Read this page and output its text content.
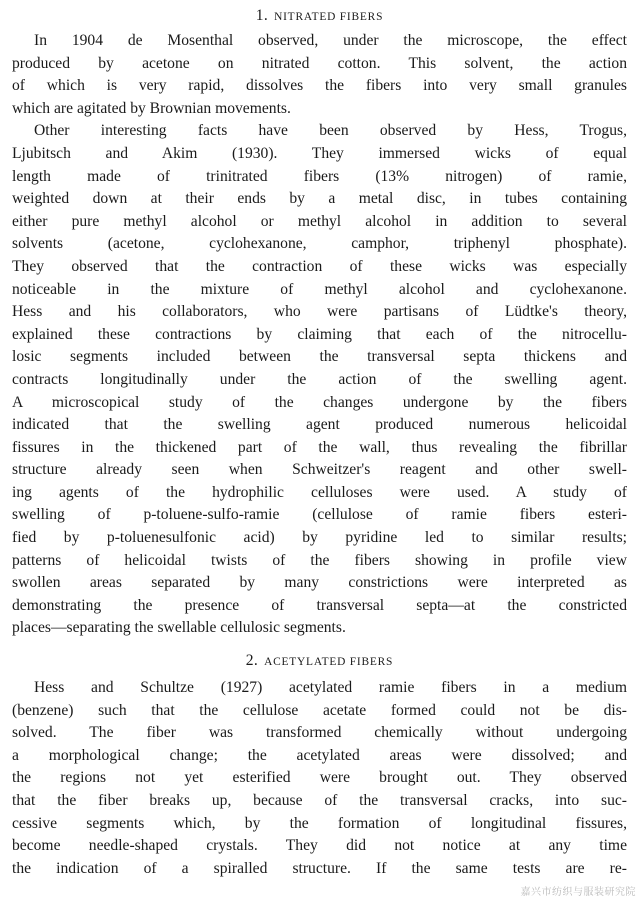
1. NITRATED FIBERS
In 1904 de Mosenthal observed, under the microscope, the effect
produced by acetone on nitrated cotton. This solvent, the action
of which is very rapid, dissolves the fibers into very small granules
which are agitated by Brownian movements.
Other interesting facts have been observed by Hess, Trogus,
Ljubitsch and Akim (1930). They immersed wicks of equal
length made of trinitrated fibers (13% nitrogen) of ramie,
weighted down at their ends by a metal disc, in tubes containing
either pure methyl alcohol or methyl alcohol in addition to several
solvents (acetone, cyclohexanone, camphor, triphenyl phosphate).
They observed that the contraction of these wicks was especially
noticeable in the mixture of methyl alcohol and cyclohexanone.
Hess and his collaborators, who were partisans of Lüdtke's theory,
explained these contractions by claiming that each of the nitrocellu-
losic segments included between the transversal septa thickens and
contracts longitudinally under the action of the swelling agent.
A microscopical study of the changes undergone by the fibers
indicated that the swelling agent produced numerous helicoidal
fissures in the thickened part of the wall, thus revealing the fibrillar
structure already seen when Schweitzer's reagent and other swell-
ing agents of the hydrophilic celluloses were used. A study of
swelling of p-toluene-sulfo-ramie (cellulose of ramie fibers esteri-
fied by p-toluenesulfonic acid) by pyridine led to similar results;
patterns of helicoidal twists of the fibers showing in profile view
swollen areas separated by many constrictions were interpreted as
demonstrating the presence of transversal septa—at the constricted
places—separating the swellable cellulosic segments.
2. ACETYLATED FIBERS
Hess and Schultze (1927) acetylated ramie fibers in a medium
(benzene) such that the cellulose acetate formed could not be dis-
solved. The fiber was transformed chemically without undergoing
a morphological change; the acetylated areas were dissolved; and
the regions not yet esterified were brought out. They observed
that the fiber breaks up, because of the transversal cracks, into suc-
cessive segments which, by the formation of longitudinal fissures,
become needle-shaped crystals. They did not notice at any time
the indication of a spiralled structure. If the same tests are re-
嘉兴市纺织与服装研究院
